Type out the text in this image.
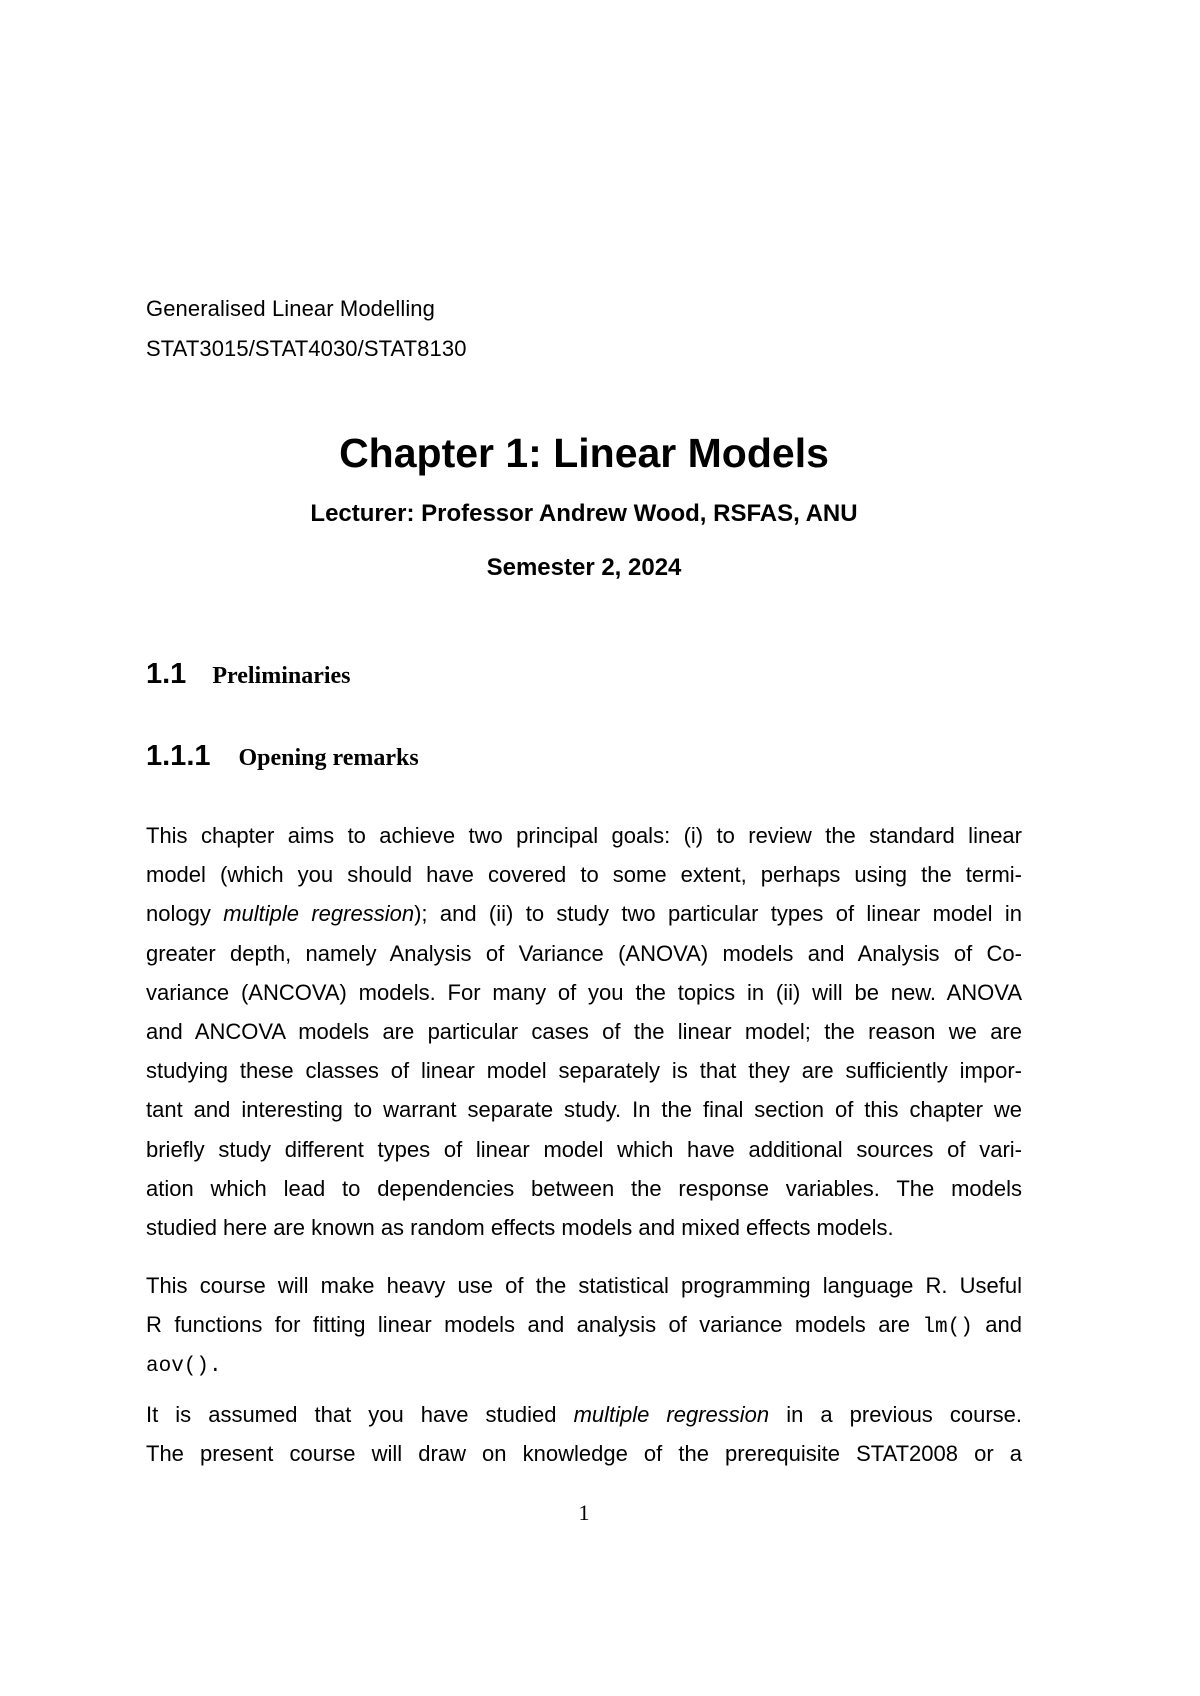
Generalised Linear Modelling
STAT3015/STAT4030/STAT8130
Chapter 1: Linear Models
Lecturer: Professor Andrew Wood, RSFAS, ANU
Semester 2, 2024
1.1 Preliminaries
1.1.1 Opening remarks
This chapter aims to achieve two principal goals: (i) to review the standard linear
model (which you should have covered to some extent, perhaps using the termi-
nology multiple regression); and (ii) to study two particular types of linear model in
greater depth, namely Analysis of Variance (ANOVA) models and Analysis of Co-
variance (ANCOVA) models. For many of you the topics in (ii) will be new. ANOVA
and ANCOVA models are particular cases of the linear model; the reason we are
studying these classes of linear model separately is that they are sufficiently impor-
tant and interesting to warrant separate study. In the final section of this chapter we
briefly study different types of linear model which have additional sources of vari-
ation which lead to dependencies between the response variables. The models
studied here are known as random effects models and mixed effects models.
This course will make heavy use of the statistical programming language R. Useful
R functions for fitting linear models and analysis of variance models are lm() and
aov().
It is assumed that you have studied multiple regression in a previous course.
The present course will draw on knowledge of the prerequisite STAT2008 or a
1
